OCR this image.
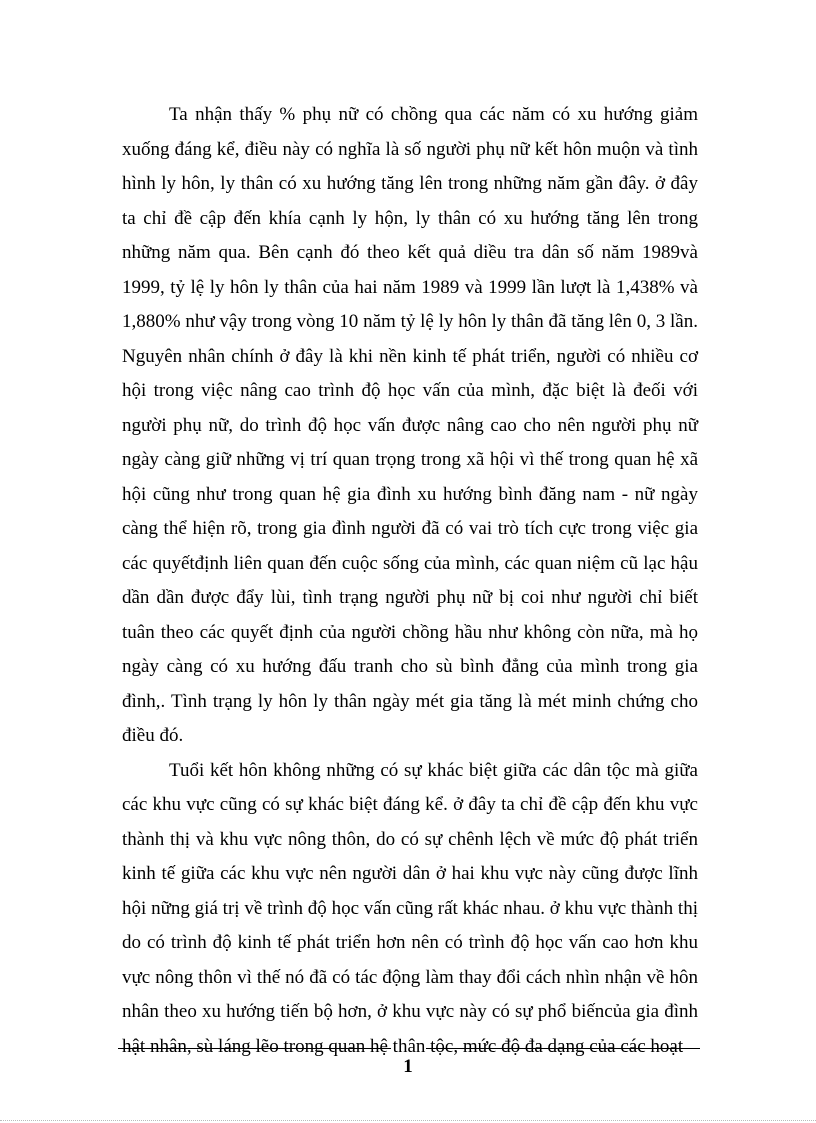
Ta nhận thấy % phụ nữ có chồng qua các năm có xu hướng giảm xuống đáng kể, điều này có nghĩa là số người phụ nữ kết hôn muộn và tình hình ly hôn, ly thân có xu hướng tăng lên trong những năm gần đây. ở đây ta chỉ đề cập đến khía cạnh ly hộn, ly thân có xu hướng tăng lên trong những năm qua. Bên cạnh đó theo kết quả diều tra dân số năm 1989và 1999, tỷ lệ ly hôn ly thân của hai năm 1989 và 1999 lần lượt là 1,438% và 1,880% như vậy trong vòng 10 năm tỷ lệ ly hôn ly thân đã tăng lên 0, 3 lần. Nguyên nhân chính ở đây là khi nền kinh tế phát triển, người có nhiều cơ hội trong việc nâng cao trình độ học vấn của mình, đặc biệt là đeối với người phụ nữ, do trình độ học vấn được nâng cao cho nên người phụ nữ ngày càng giữ những vị trí quan trọng trong xã hội vì thế trong quan hệ xã hội cũng như trong quan hệ gia đình xu hướng bình đăng nam - nữ ngày càng thể hiện rõ, trong gia đình người đã có vai trò tích cực trong việc gia các quyếtđịnh liên quan đến cuộc sống của mình, các quan niệm cũ lạc hậu dần dần được đẩy lùi, tình trạng người phụ nữ bị coi như người chỉ biết tuân theo các quyết định của người chồng hầu như không còn nữa, mà họ ngày càng có xu hướng đấu tranh cho sù bình đẳng của mình trong gia đình,. Tình trạng ly hôn ly thân ngày mét gia tăng là mét minh chứng cho điều đó.

Tuổi kết hôn không những có sự khác biệt giữa các dân tộc mà giữa các khu vực cũng có sự khác biệt đáng kể. ở đây ta chỉ đề cập đến khu vực thành thị và khu vực nông thôn, do có sự chênh lệch về mức độ phát triển kinh tế giữa các khu vực nên người dân ở hai khu vực này cũng được lĩnh hội nững giá trị về trình độ học vấn cũng rất khác nhau. ở khu vực thành thị do có trình độ kinh tế phát triển hơn nên có trình độ học vấn cao hơn khu vực nông thôn vì thế nó đã có tác động làm thay đổi cách nhìn nhận về hôn nhân theo xu hướng tiến bộ hơn, ở khu vực này có sự phổ biếncủa gia đình hật nhân, sù láng lẽo trong quan hệ thân tộc, mức độ đa dạng của các hoạt

1
